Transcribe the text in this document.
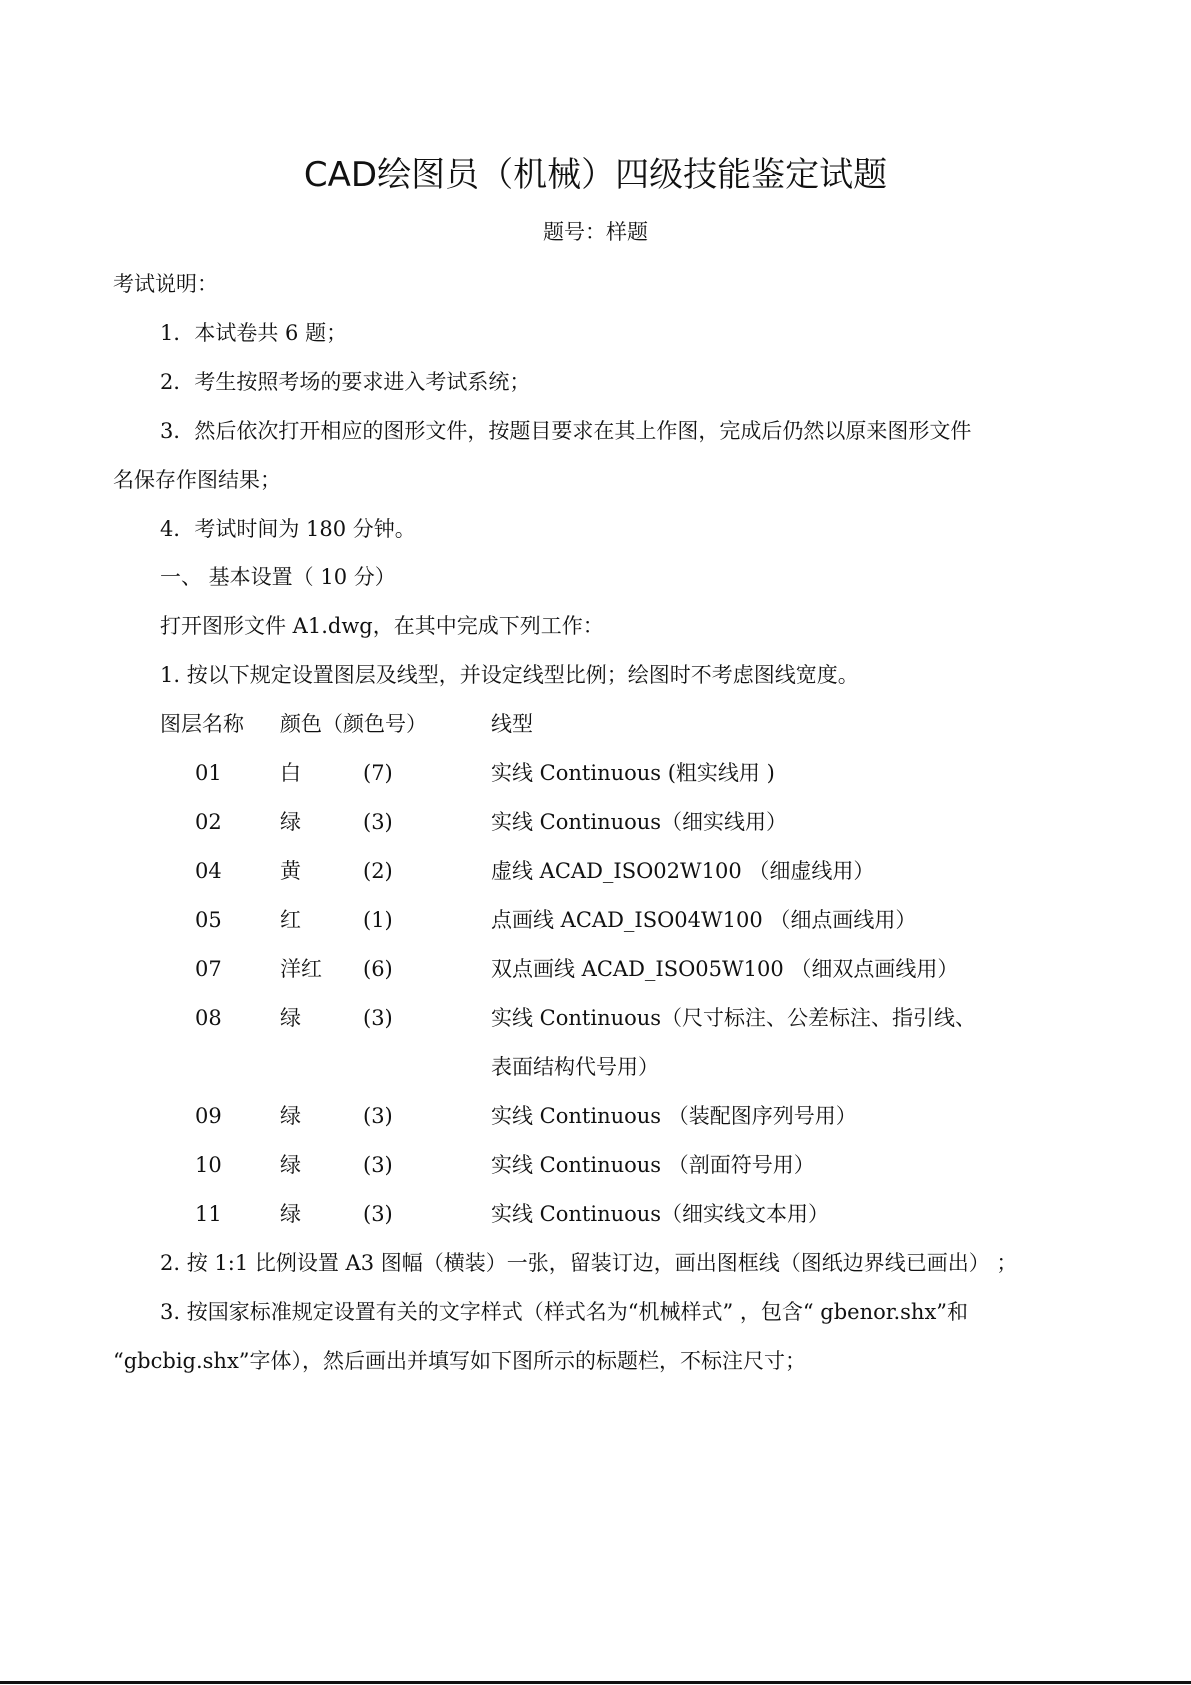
CAD绘图员（机械）四级技能鉴定试题
题号：样题
考试说明：
1．本试卷共 6 题；
2．考生按照考场的要求进入考试系统；
3．然后依次打开相应的图形文件，按题目要求在其上作图，完成后仍然以原来图形文件
名保存作图结果；
4．考试时间为 180 分钟。
一、 基本设置（ 10 分）
打开图形文件 A1.dwg，在其中完成下列工作：
1. 按以下规定设置图层及线型，并设定线型比例；绘图时不考虑图线宽度。
图层名称 颜色（颜色号）	线型
01	白	(7)	实线 Continuous (粗实线用 )
02	绿	(3)	实线 Continuous（细实线用）
04	黄	(2)	虚线 ACAD_ISO02W100 （细虚线用）
05	红	(1)	点画线 ACAD_ISO04W100 （细点画线用）
07	洋红 (6)	双点画线 ACAD_ISO05W100 （细双点画线用）
08	绿	(3)	实线 Continuous（尺寸标注、公差标注、指引线、
表面结构代号用）
09	绿	(3)	实线 Continuous （装配图序列号用）
10	绿	(3)	实线 Continuous （剖面符号用）
11	绿	(3)	实线 Continuous（细实线文本用）
2. 按 1:1 比例设置 A3 图幅（横装）一张，留装订边，画出图框线（图纸边界线已画出） ；
3. 按国家标准规定设置有关的文字样式（样式名为“机械样式” ，包含“ gbenor.shx”和
“gbcbig.shx”字体），然后画出并填写如下图所示的标题栏，不标注尺寸；
